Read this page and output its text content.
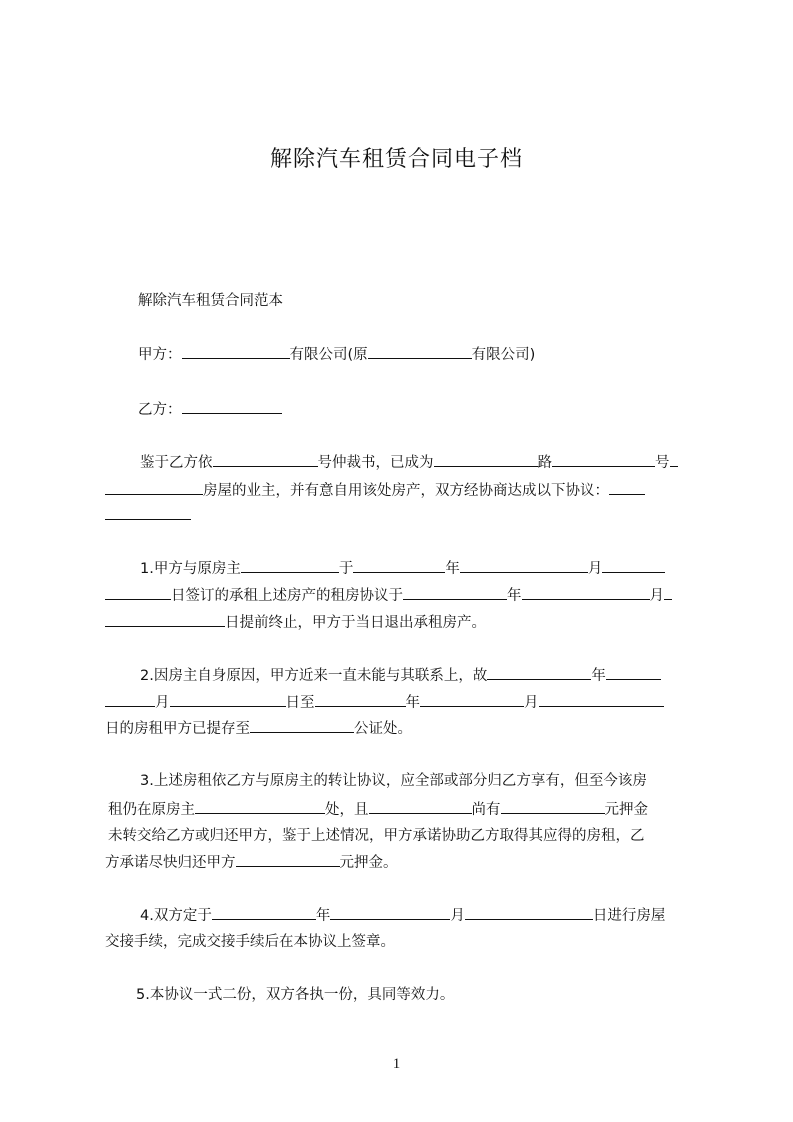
解除汽车租赁合同电子档
解除汽车租赁合同范本
甲方：	有限公司(原	有限公司)
乙方：
鉴于乙方依	号仲裁书，已成为	路	号
房屋的业主，并有意自用该处房产，双方经协商达成以下协议：
1.甲方与原房主	于	年	月
日签订的承租上述房产的租房协议于	年	月
日提前终止，甲方于当日退出承租房产。
2.因房主自身原因，甲方近来一直未能与其联系上，故	年
月	日至	年	月
日的房租甲方已提存至	公证处。
3.上述房租依乙方与原房主的转让协议，应全部或部分归乙方享有，但至今该房
租仍在原房主	处，且	尚有	元押金
未转交给乙方或归还甲方，鉴于上述情况，甲方承诺协助乙方取得其应得的房租，乙
方承诺尽快归还甲方	元押金。
4.双方定于	年	月	日进行房屋
交接手续，完成交接手续后在本协议上签章。
5.本协议一式二份，双方各执一份，具同等效力。
1
